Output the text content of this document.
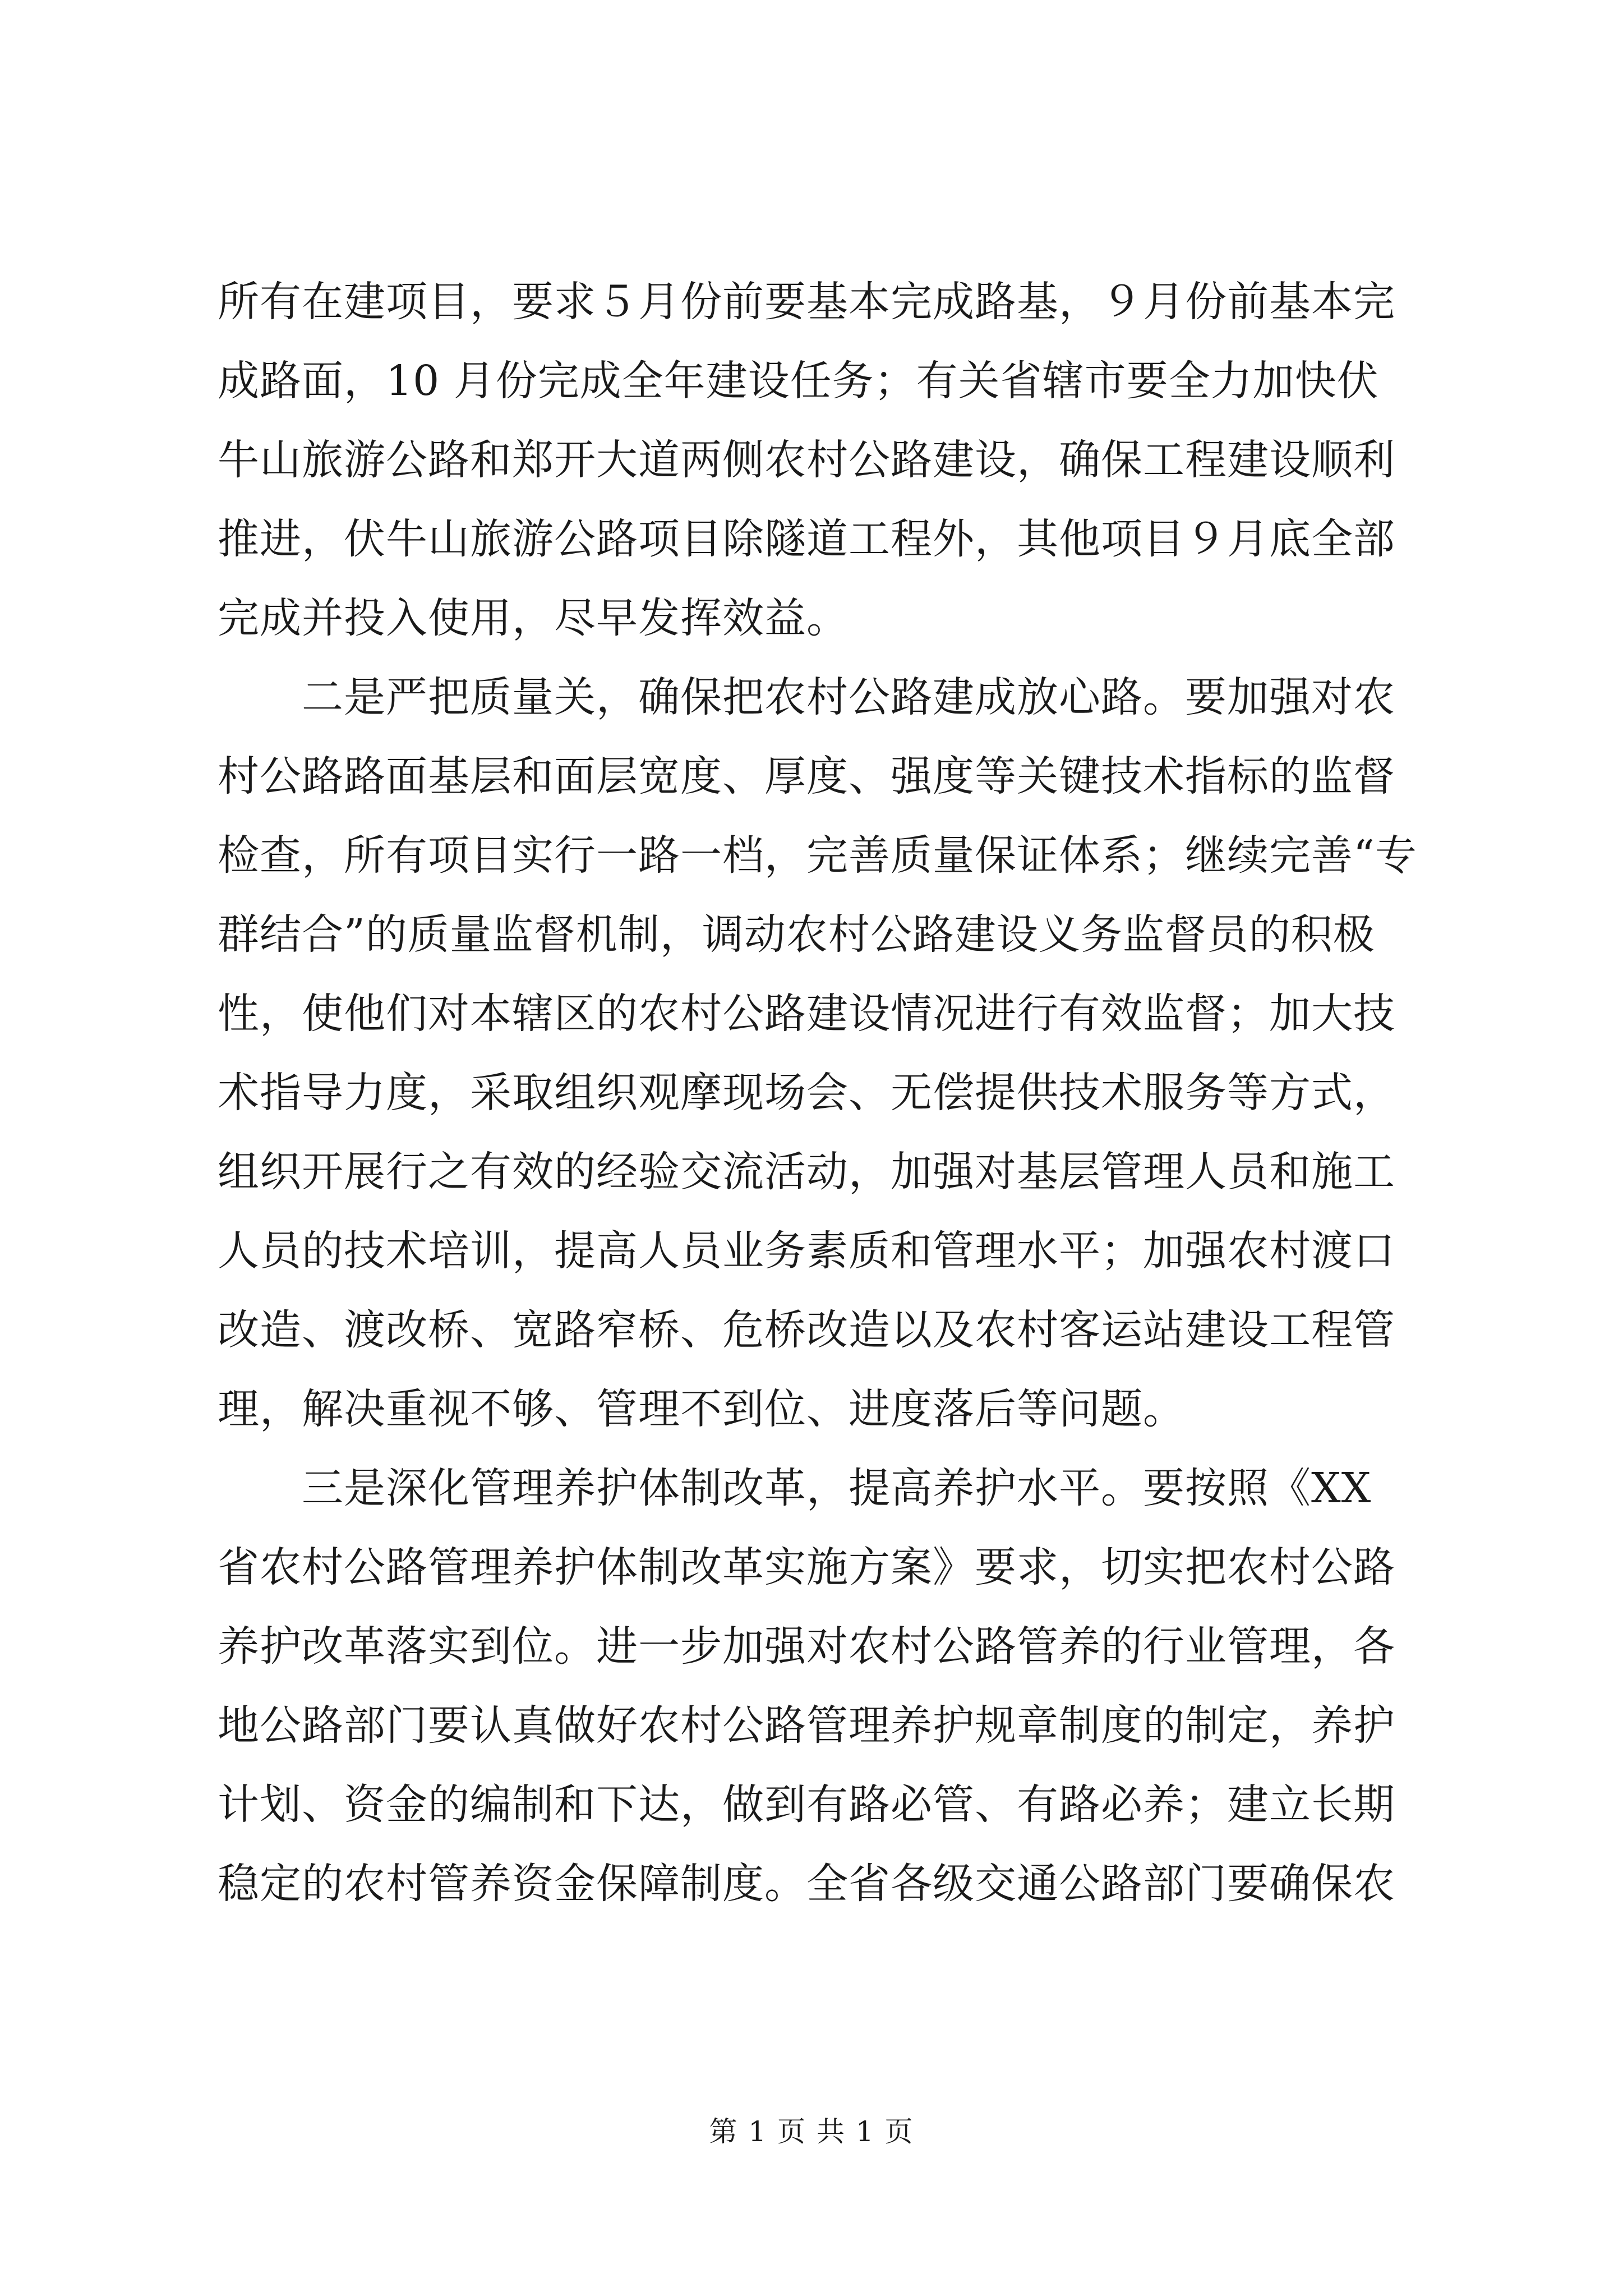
所有在建项目，要求５月份前要基本完成路基，９月份前基本完
成路面，10 月份完成全年建设任务；有关省辖市要全力加快伏
牛山旅游公路和郑开大道两侧农村公路建设，确保工程建设顺利
推进，伏牛山旅游公路项目除隧道工程外，其他项目９月底全部
完成并投入使用，尽早发挥效益。
　　二是严把质量关，确保把农村公路建成放心路。要加强对农
村公路路面基层和面层宽度、厚度、强度等关键技术指标的监督
检查，所有项目实行一路一档，完善质量保证体系；继续完善“专
群结合”的质量监督机制，调动农村公路建设义务监督员的积极
性，使他们对本辖区的农村公路建设情况进行有效监督；加大技
术指导力度，采取组织观摩现场会、无偿提供技术服务等方式，
组织开展行之有效的经验交流活动，加强对基层管理人员和施工
人员的技术培训，提高人员业务素质和管理水平；加强农村渡口
改造、渡改桥、宽路窄桥、危桥改造以及农村客运站建设工程管
理，解决重视不够、管理不到位、进度落后等问题。
　　三是深化管理养护体制改革，提高养护水平。要按照《XX
省农村公路管理养护体制改革实施方案》要求，切实把农村公路
养护改革落实到位。进一步加强对农村公路管养的行业管理，各
地公路部门要认真做好农村公路管理养护规章制度的制定，养护
计划、资金的编制和下达，做到有路必管、有路必养；建立长期
稳定的农村管养资金保障制度。全省各级交通公路部门要确保农
第 1 页 共 1 页
